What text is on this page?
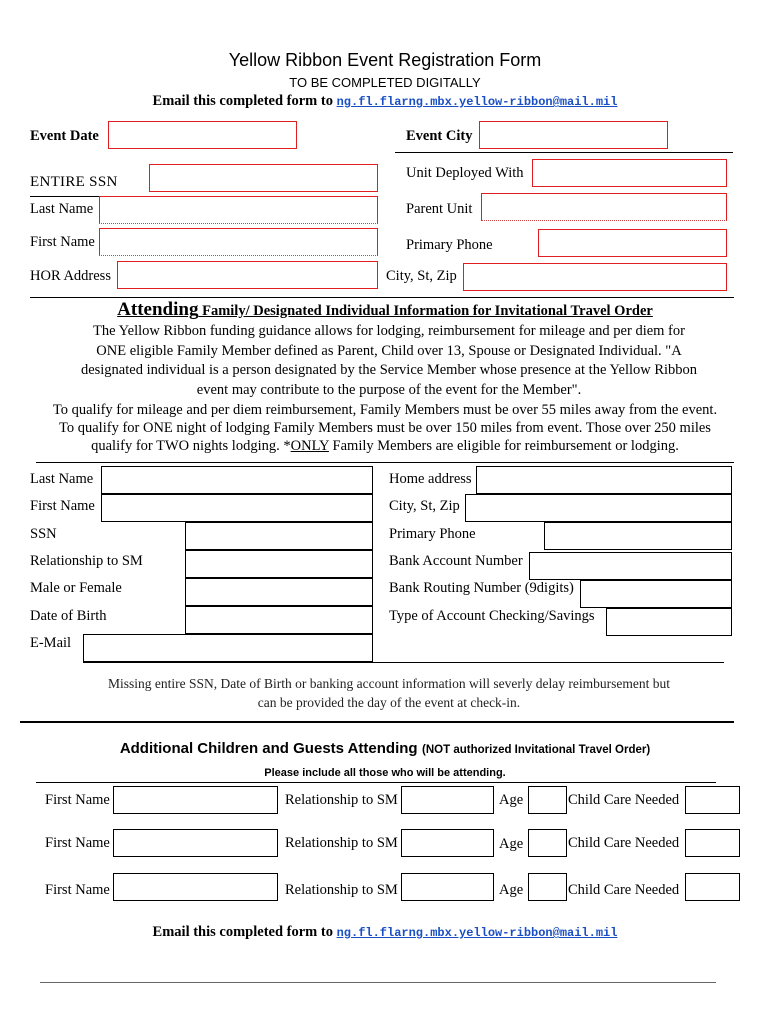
Yellow Ribbon Event Registration Form
TO BE COMPLETED DIGITALLY
Email this completed form to ng.fl.flarng.mbx.yellow-ribbon@mail.mil
Event Date	Event City
ENTIRE SSN
Unit Deployed With
Last Name	Parent Unit
First Name	Primary Phone
HOR Address	City, St, Zip
Attending Family/ Designated Individual Information for Invitational Travel Order
The Yellow Ribbon funding guidance allows for lodging, reimbursement for mileage and per diem for
ONE eligible Family Member defined as Parent, Child over 13, Spouse or Designated Individual. "A
designated individual is a person designated by the Service Member whose presence at the Yellow Ribbon
event may contribute to the purpose of the event for the Member".
To qualify for mileage and per diem reimbursement, Family Members must be over 55 miles away from the event.
To qualify for ONE night of lodging Family Members must be over 150 miles from event. Those over 250 miles
qualify for TWO nights lodging. *ONLY Family Members are eligible for reimbursement or lodging.
Last Name	Home address
First Name	City, St, Zip
SSN	Primary Phone
Relationship to SM	Bank Account Number
Male or Female	Bank Routing Number (9digits)
Date of Birth	Type of Account Checking/Savings
E-Mail
Missing entire SSN, Date of Birth or banking account information will severly delay reimbursement but
can be provided the day of the event at check-in.
Additional Children and Guests Attending (NOT authorized Invitational Travel Order)
Please include all those who will be attending.
First Name	Relationship to SM	Age	Child Care Needed
First Name	Relationship to SM	Age	Child Care Needed
First Name	Relationship to SM	Age	Child Care Needed
Email this completed form to ng.fl.flarng.mbx.yellow-ribbon@mail.mil
